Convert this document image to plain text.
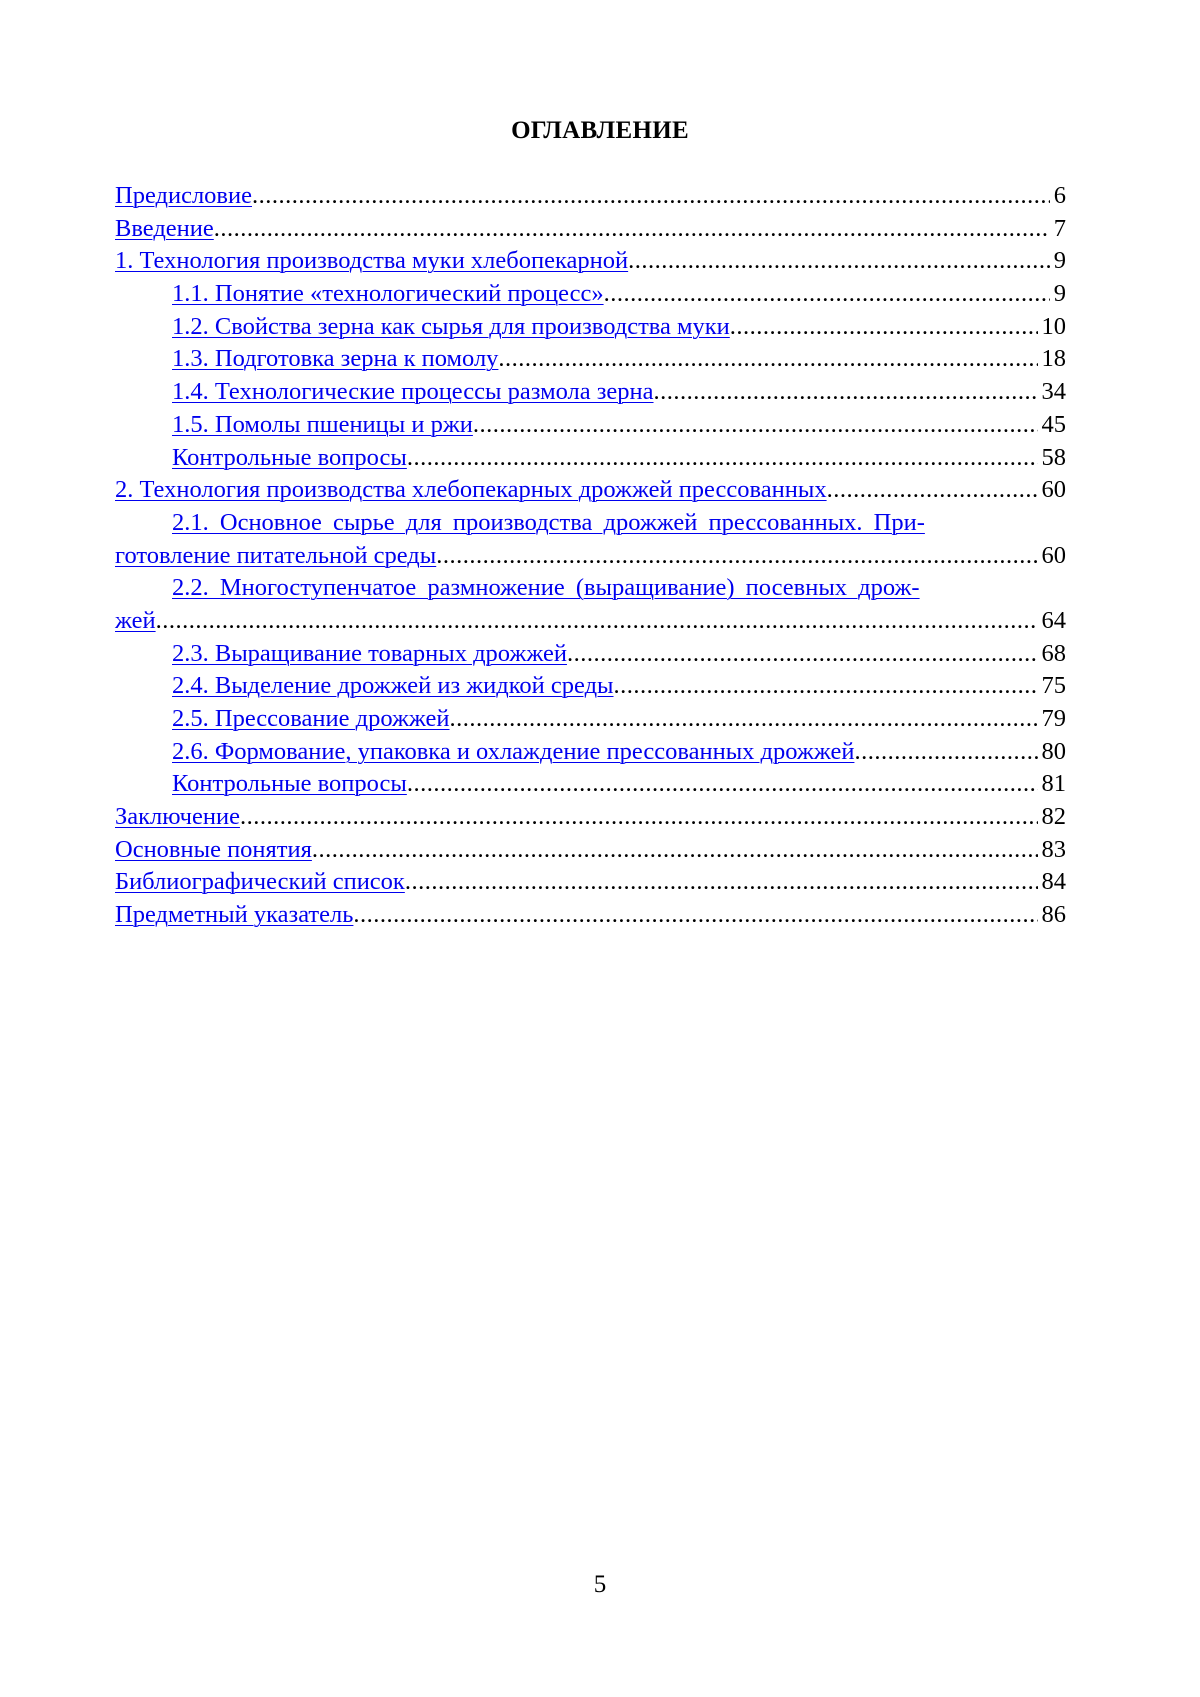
ОГЛАВЛЕНИЕ
Предисловие .....	6
Введение .....	7
1. Технология производства муки хлебопекарной .....	9
1.1. Понятие «технологический процесс» .....	9
1.2. Свойства зерна как сырья для производства муки .....	10
1.3. Подготовка зерна к помолу .....	18
1.4. Технологические процессы размола зерна .....	34
1.5. Помолы пшеницы и ржи .....	45
Контрольные вопросы .....	58
2. Технология производства хлебопекарных дрожжей прессованных .....	60
2.1. Основное сырье для производства дрожжей прессованных. При-
готовление питательной среды .....	60
2.2. Многоступенчатое размножение (выращивание) посевных дрож-
жей .....	64
2.3. Выращивание товарных дрожжей .....	68
2.4. Выделение дрожжей из жидкой среды .....	75
2.5. Прессование дрожжей .....	79
2.6. Формование, упаковка и охлаждение прессованных дрожжей .....	80
Контрольные вопросы .....	81
Заключение .....	82
Основные понятия .....	83
Библиографический список .....	84
Предметный указатель .....	86
5
